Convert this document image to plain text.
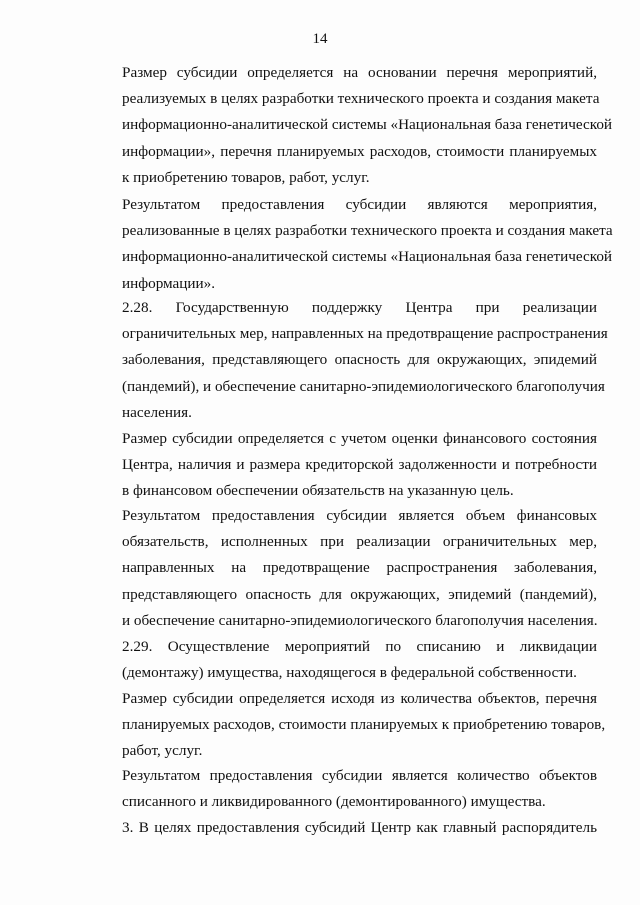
14

Размер субсидии определяется на основании перечня мероприятий,
реализуемых в целях разработки технического проекта и создания макета
информационно-аналитической системы «Национальная база генетической
информации», перечня планируемых расходов, стоимости планируемых
к приобретению товаров, работ, услуг.

Результатом предоставления субсидии являются мероприятия,
реализованные в целях разработки технического проекта и создания макета
информационно-аналитической системы «Национальная база генетической
информации».

2.28. Государственную поддержку Центра при реализации
ограничительных мер, направленных на предотвращение распространения
заболевания, представляющего опасность для окружающих, эпидемий
(пандемий), и обеспечение санитарно-эпидемиологического благополучия
населения.

Размер субсидии определяется с учетом оценки финансового состояния
Центра, наличия и размера кредиторской задолженности и потребности
в финансовом обеспечении обязательств на указанную цель.

Результатом предоставления субсидии является объем финансовых
обязательств, исполненных при реализации ограничительных мер,
направленных на предотвращение распространения заболевания,
представляющего опасность для окружающих, эпидемий (пандемий),
и обеспечение санитарно-эпидемиологического благополучия населения.

2.29. Осуществление мероприятий по списанию и ликвидации
(демонтажу) имущества, находящегося в федеральной собственности.

Размер субсидии определяется исходя из количества объектов, перечня
планируемых расходов, стоимости планируемых к приобретению товаров,
работ, услуг.

Результатом предоставления субсидии является количество объектов
списанного и ликвидированного (демонтированного) имущества.

3. В целях предоставления субсидий Центр как главный распорядитель
